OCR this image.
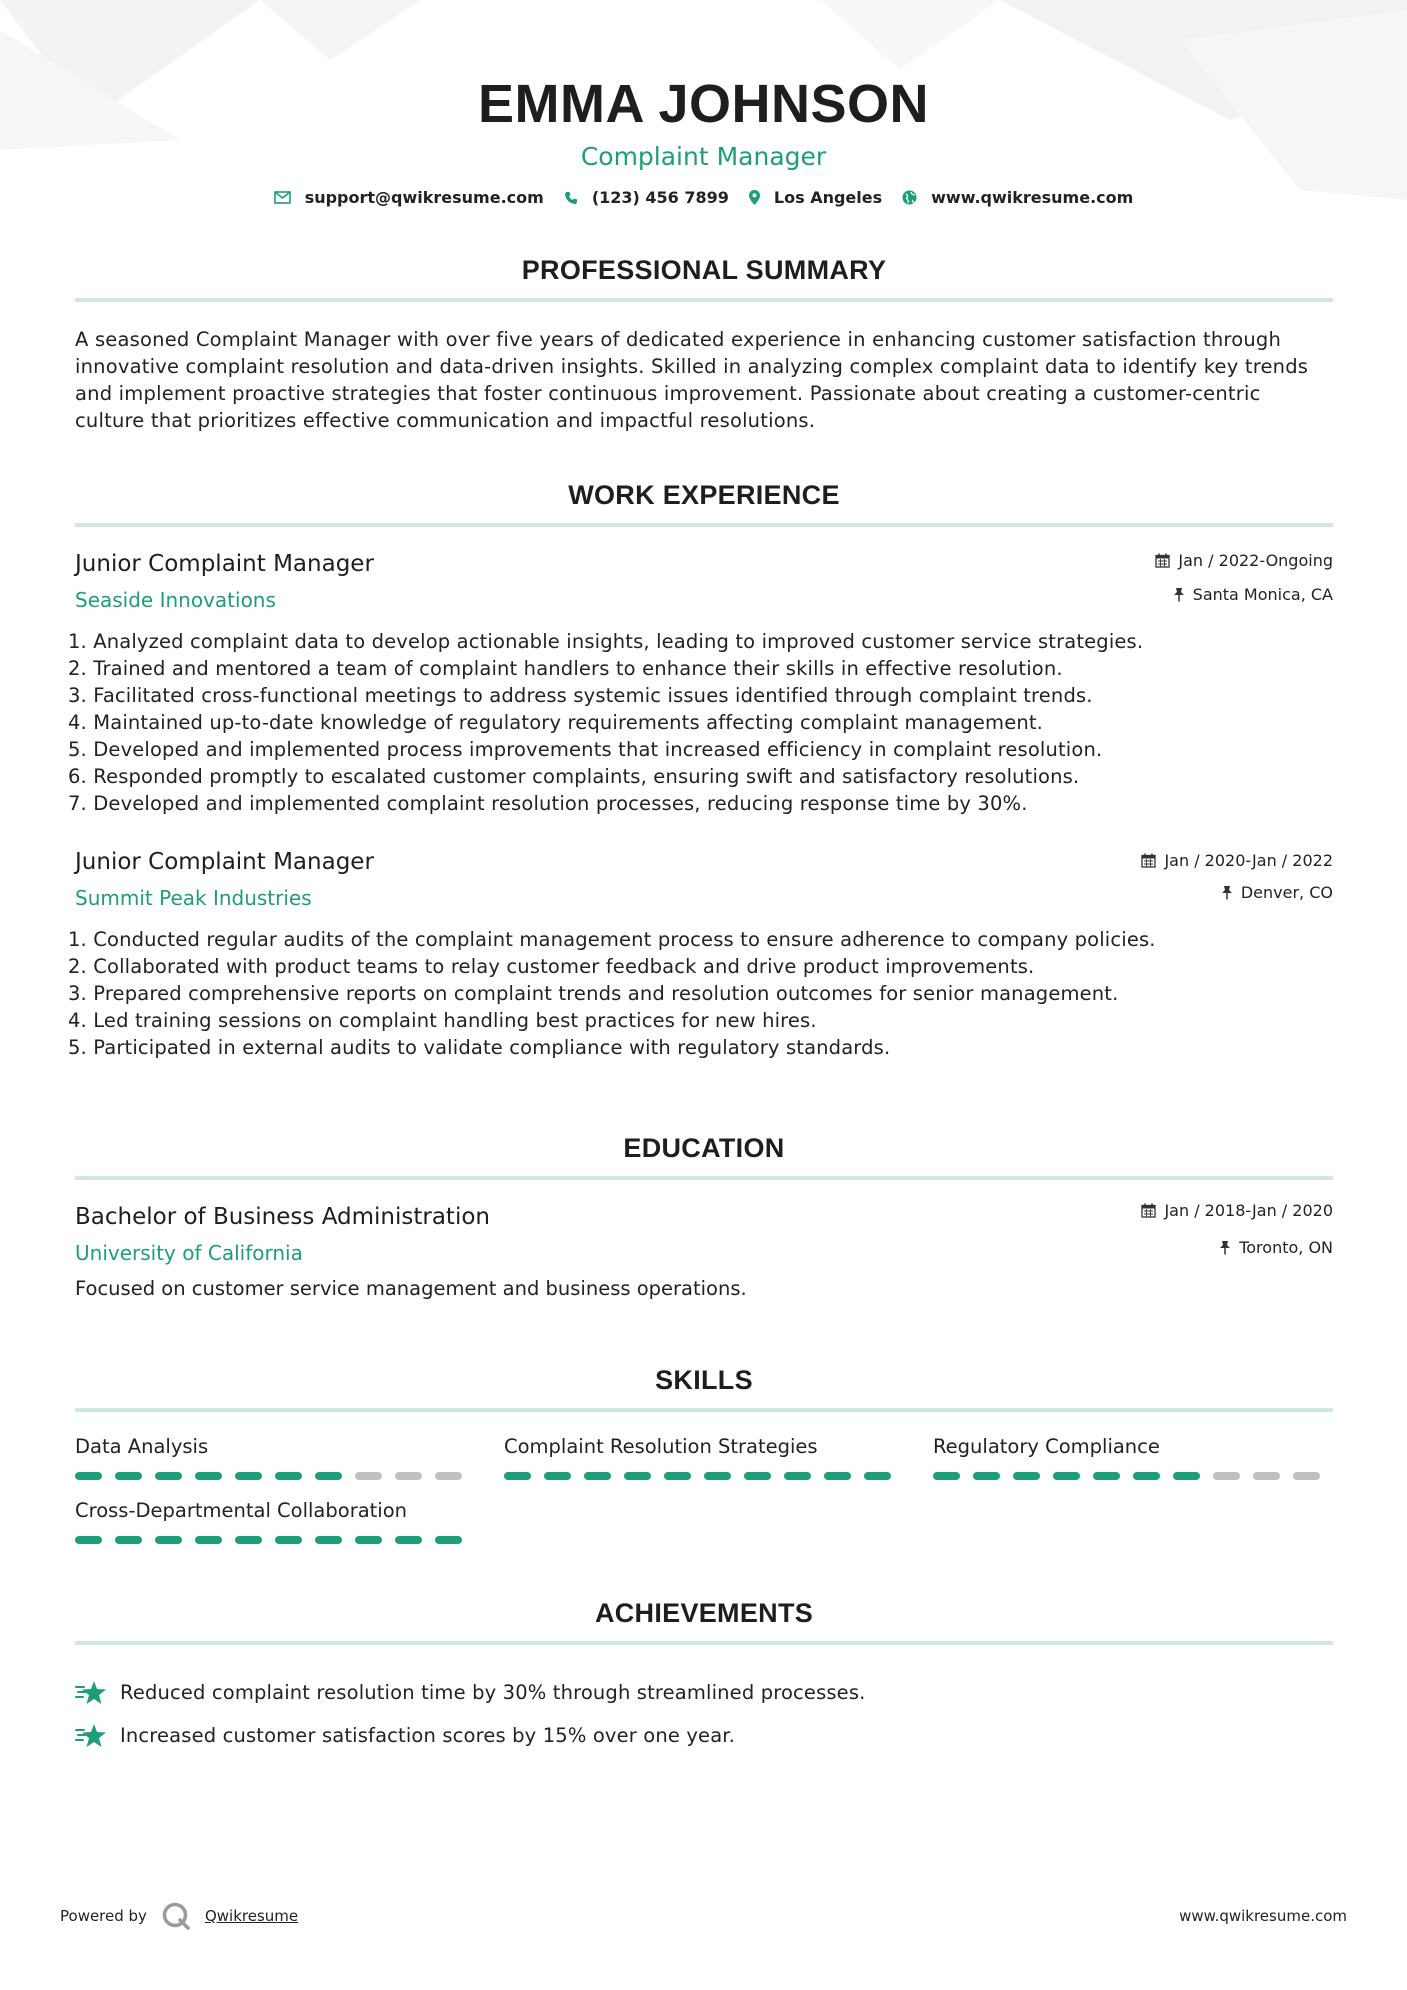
EMMA JOHNSON
Complaint Manager
support@qwikresume.com	(123) 456 7899	Los Angeles	www.qwikresume.com
PROFESSIONAL SUMMARY
A seasoned Complaint Manager with over five years of dedicated experience in enhancing customer satisfaction through innovative complaint resolution and data-driven insights. Skilled in analyzing complex complaint data to identify key trends and implement proactive strategies that foster continuous improvement. Passionate about creating a customer-centric culture that prioritizes effective communication and impactful resolutions.
WORK EXPERIENCE
Jan / 2022-Ongoing
Santa Monica, CA
Junior Complaint Manager
Seaside Innovations
1. Analyzed complaint data to develop actionable insights, leading to improved customer service strategies.
2. Trained and mentored a team of complaint handlers to enhance their skills in effective resolution.
3. Facilitated cross-functional meetings to address systemic issues identified through complaint trends.
4. Maintained up-to-date knowledge of regulatory requirements affecting complaint management.
5. Developed and implemented process improvements that increased efficiency in complaint resolution.
6. Responded promptly to escalated customer complaints, ensuring swift and satisfactory resolutions.
7. Developed and implemented complaint resolution processes, reducing response time by 30%.
Jan / 2020-Jan / 2022
Denver, CO
Junior Complaint Manager
Summit Peak Industries
1. Conducted regular audits of the complaint management process to ensure adherence to company policies.
2. Collaborated with product teams to relay customer feedback and drive product improvements.
3. Prepared comprehensive reports on complaint trends and resolution outcomes for senior management.
4. Led training sessions on complaint handling best practices for new hires.
5. Participated in external audits to validate compliance with regulatory standards.
EDUCATION
Jan / 2018-Jan / 2020
Toronto, ON
Bachelor of Business Administration
University of California
Focused on customer service management and business operations.
SKILLS
Data Analysis	Complaint Resolution Strategies	Regulatory Compliance
Cross-Departmental Collaboration
ACHIEVEMENTS
Reduced complaint resolution time by 30% through streamlined processes.
Increased customer satisfaction scores by 15% over one year.
Powered by	Qwikresume	www.qwikresume.com
